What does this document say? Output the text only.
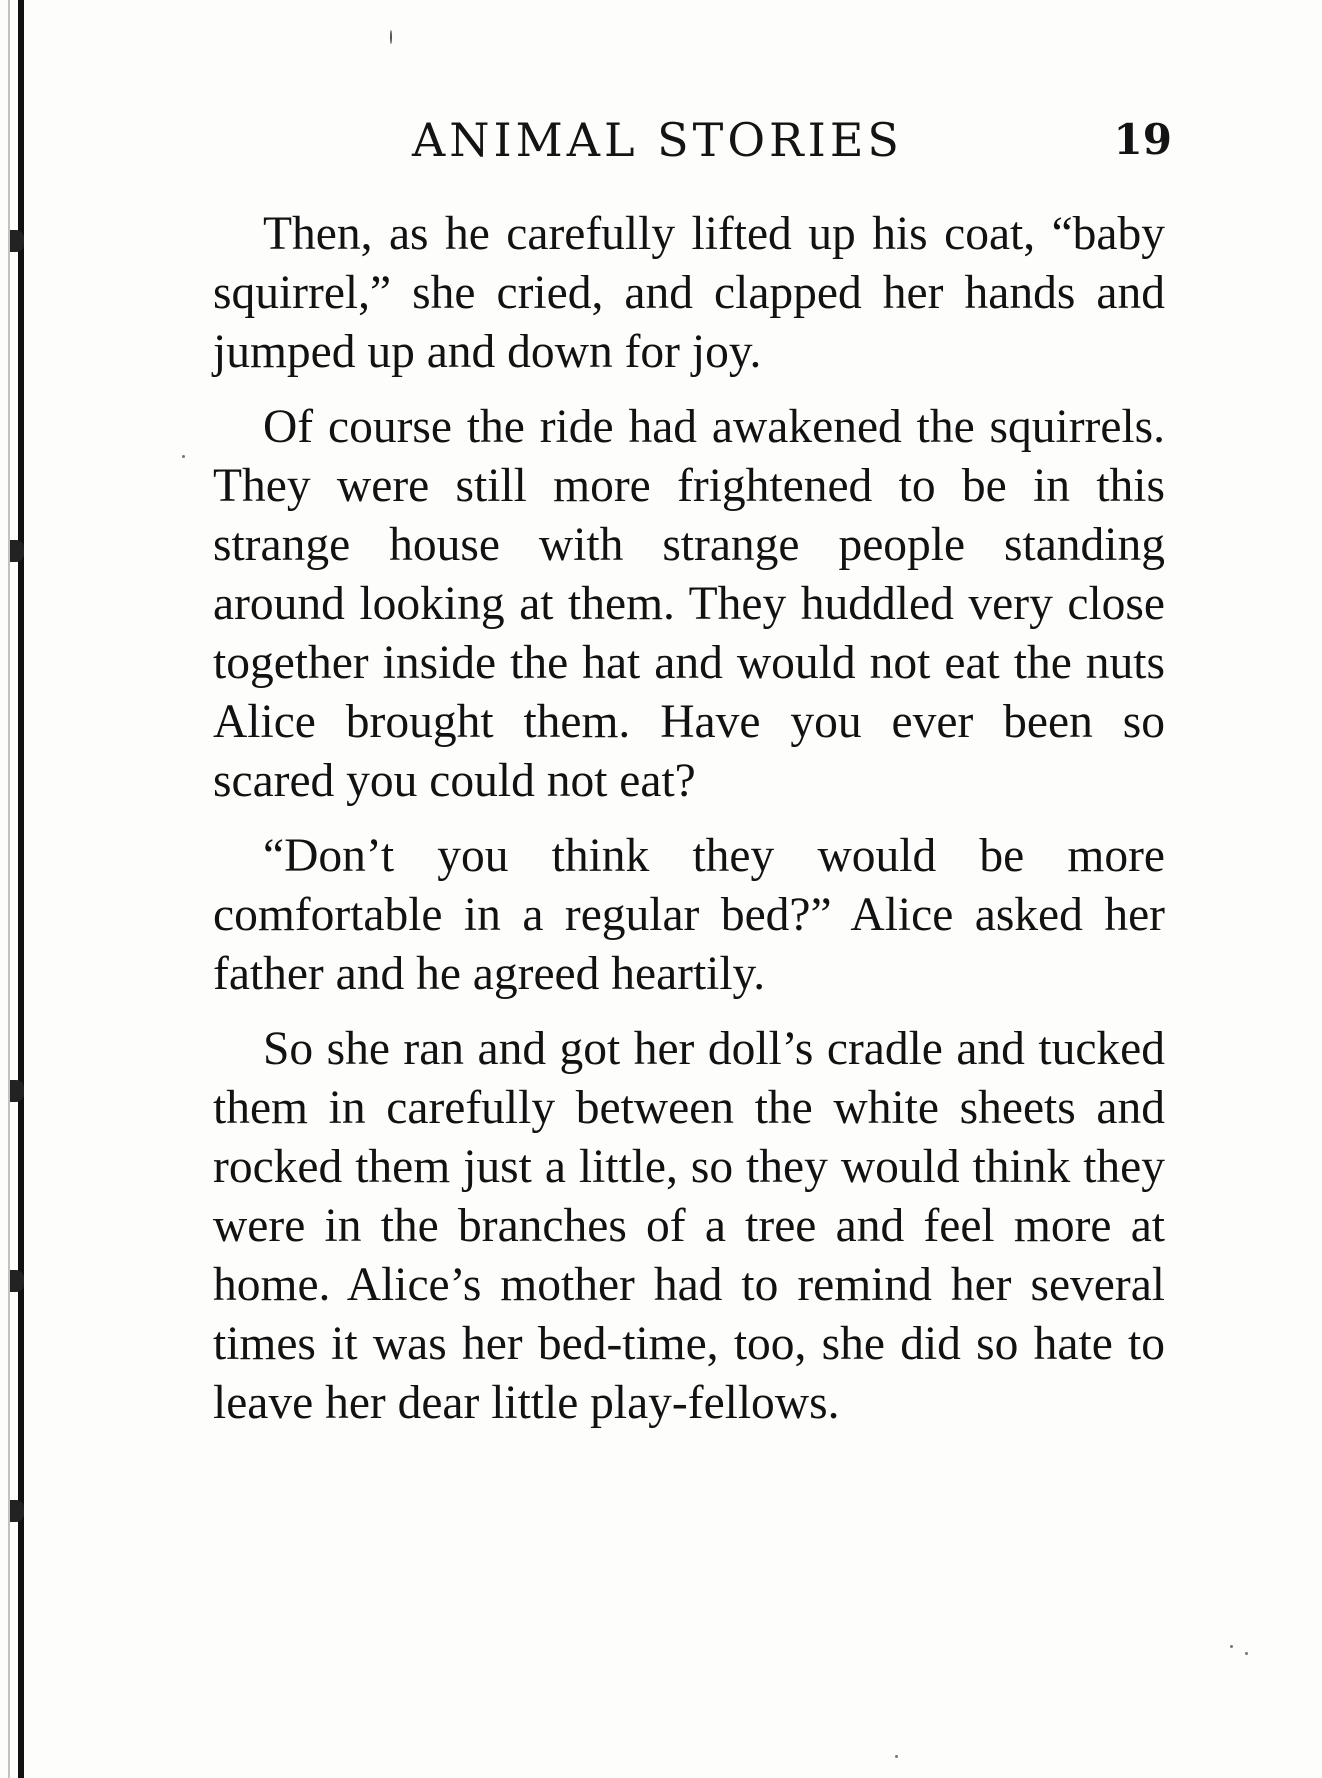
ANIMAL STORIES	19

Then, as he carefully lifted up his coat, “baby squirrel,” she cried, and clapped her hands and jumped up and down for joy.

Of course the ride had awakened the squirrels. They were still more frightened to be in this strange house with strange people standing around looking at them. They huddled very close together inside the hat and would not eat the nuts Alice brought them. Have you ever been so scared you could not eat?

“Don’t you think they would be more comfortable in a regular bed?” Alice asked her father and he agreed heartily.

So she ran and got her doll’s cradle and tucked them in carefully between the white sheets and rocked them just a little, so they would think they were in the branches of a tree and feel more at home. Alice’s mother had to remind her several times it was her bed-time, too, she did so hate to leave her dear little play-fellows.
